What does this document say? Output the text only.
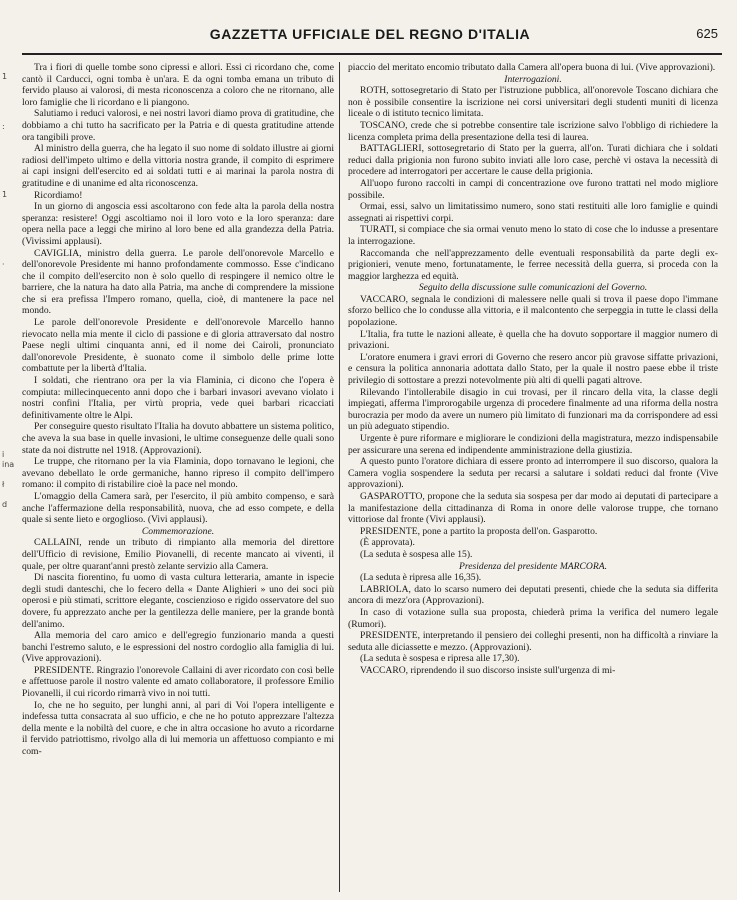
GAZZETTA UFFICIALE DEL REGNO D'ITALIA	625
1
:
1
·
i
ina
ł
d

Tra i fiori di quelle tombe sono cipressi e allori. Essi ci ricordano che, come cantò il Carducci, ogni tomba è un'ara. E da ogni tomba emana un tributo di fervido plauso ai valorosi, di mesta riconoscenza a coloro che ne ritornano, alle loro famiglie che li ricordano e li piangono.

Salutiamo i reduci valorosi, e nei nostri lavori diamo prova di gratitudine, che dobbiamo a chi tutto ha sacrificato per la Patria e di questa gratitudine attende ora tangibili prove.

Al ministro della guerra, che ha legato il suo nome di soldato illustre ai giorni radiosi dell'impeto ultimo e della vittoria nostra grande, il compito di esprimere ai capi insigni dell'esercito ed ai soldati tutti e ai marinai la parola nostra di gratitudine e di unanime ed alta riconoscenza.

Ricordiamo!

In un giorno di angoscia essi ascoltarono con fede alta la parola della nostra speranza: resistere! Oggi ascoltiamo noi il loro voto e la loro speranza: dare opera nella pace a leggi che mirino al loro bene ed alla grandezza della Patria. (Vivissimi applausi).

CAVIGLIA, ministro della guerra. Le parole dell'onorevole Marcello e dell'onorevole Presidente mi hanno profondamente commosso. Esse c'indicano che il compito dell'esercito non è solo quello di respingere il nemico oltre le barriere, che la natura ha dato alla Patria, ma anche di comprendere la missione che si era prefissa l'Impero romano, quella, cioè, di mantenere la pace nel mondo.

Le parole dell'onorevole Presidente e dell'onorevole Marcello hanno rievocato nella mia mente il ciclo di passione e di gloria attraversato dal nostro Paese negli ultimi cinquanta anni, ed il nome dei Cairoli, pronunciato dall'onorevole Presidente, è suonato come il simbolo delle prime lotte combattute per la libertà d'Italia.

I soldati, che rientrano ora per la via Flaminia, ci dicono che l'opera è compiuta: millecinquecento anni dopo che i barbari invasori avevano violato i nostri confini l'Italia, per virtù propria, vede quei barbari ricacciati definitivamente oltre le Alpi.

Per conseguire questo risultato l'Italia ha dovuto abbattere un sistema politico, che aveva la sua base in quelle invasioni, le ultime conseguenze delle quali sono state da noi distrutte nel 1918. (Approvazioni).

Le truppe, che ritornano per la via Flaminia, dopo tornavano le legioni, che avevano debellato le orde germaniche, hanno ripreso il compito dell'impero romano: il compito di ristabilire cioè la pace nel mondo.

L'omaggio della Camera sarà, per l'esercito, il più ambito compenso, e sarà anche l'affermazione della responsabilità, nuova, che ad esso compete, e della quale si sente lieto e orgoglioso. (Vivi applausi).

Commemorazione.

CALLAINI, rende un tributo di rimpianto alla memoria del direttore dell'Ufficio di revisione, Emilio Piovanelli, di recente mancato ai viventi, il quale, per oltre quarant'anni prestò zelante servizio alla Camera.

Di nascita fiorentino, fu uomo di vasta cultura letteraria, amante in ispecie degli studi danteschi, che lo fecero della « Dante Alighieri » uno dei soci più operosi e più stimati, scrittore elegante, coscienzioso e rigido osservatore del suo dovere, fu apprezzato anche per la gentilezza delle maniere, per la grande bontà dell'animo.

Alla memoria del caro amico e dell'egregio funzionario manda a questi banchi l'estremo saluto, e le espressioni del nostro cordoglio alla famiglia di lui. (Vive approvazioni).

PRESIDENTE. Ringrazio l'onorevole Callaini di aver ricordato con così belle e affettuose parole il nostro valente ed amato collaboratore, il professore Emilio Piovanelli, il cui ricordo rimarrà vivo in noi tutti.

Io, che ne ho seguito, per lunghi anni, al pari di Voi l'opera intelligente e indefessa tutta consacrata al suo ufficio, e che ne ho potuto apprezzare l'altezza della mente e la nobiltà del cuore, e che in altra occasione ho avuto a ricordarne il fervido patriottismo, rivolgo alla di lui memoria un affettuoso compianto e mi com-

piaccio del meritato encomio tributato dalla Camera all'opera buona di lui. (Vive approvazioni).

Interrogazioni.

ROTH, sottosegretario di Stato per l'istruzione pubblica, all'onorevole Toscano dichiara che non è possibile consentire la iscrizione nei corsi universitari degli studenti muniti di licenza liceale o di istituto tecnico limitata.

TOSCANO, crede che si potrebbe consentire tale iscrizione salvo l'obbligo di richiedere la licenza completa prima della presentazione della tesi di laurea.

BATTAGLIERI, sottosegretario di Stato per la guerra, all'on. Turati dichiara che i soldati reduci dalla prigionia non furono subito inviati alle loro case, perchè vi ostava la necessità di procedere ad interrogatori per accertare le cause della prigionia.

All'uopo furono raccolti in campi di concentrazione ove furono trattati nel modo migliore possibile.

Ormai, essi, salvo un limitatissimo numero, sono stati restituiti alle loro famiglie e quindi assegnati ai rispettivi corpi.

TURATI, si compiace che sia ormai venuto meno lo stato di cose che lo indusse a presentare la interrogazione.

Raccomanda che nell'apprezzamento delle eventuali responsabilità da parte degli ex-prigionieri, venute meno, fortunatamente, le ferree necessità della guerra, si proceda con la maggior larghezza ed equità.

Seguito della discussione sulle comunicazioni del Governo.

VACCARO, segnala le condizioni di malessere nelle quali si trova il paese dopo l'immane sforzo bellico che lo condusse alla vittoria, e il malcontento che serpeggia in tutte le classi della popolazione.

L'Italia, fra tutte le nazioni alleate, è quella che ha dovuto sopportare il maggior numero di privazioni.

L'oratore enumera i gravi errori di Governo che resero ancor più gravose siffatte privazioni, e censura la politica annonaria adottata dallo Stato, per la quale il nostro paese ebbe il triste privilegio di sottostare a prezzi notevolmente più alti di quelli pagati altrove.

Rilevando l'intollerabile disagio in cui trovasi, per il rincaro della vita, la classe degli impiegati, afferma l'improrogabile urgenza di procedere finalmente ad una riforma della nostra burocrazia per modo da avere un numero più limitato di funzionari ma da corrispondere ad essi un più adeguato stipendio.

Urgente è pure riformare e migliorare le condizioni della magistratura, mezzo indispensabile per assicurare una serena ed indipendente amministrazione della giustizia.

A questo punto l'oratore dichiara di essere pronto ad interrompere il suo discorso, qualora la Camera voglia sospendere la seduta per recarsi a salutare i soldati reduci dal fronte (Vive approvazioni).

GASPAROTTO, propone che la seduta sia sospesa per dar modo ai deputati di partecipare a la manifestazione della cittadinanza di Roma in onore delle valorose truppe, che tornano vittoriose dal fronte (Vivi applausi).

PRESIDENTE, pone a partito la proposta dell'on. Gasparotto.

(È approvata).

(La seduta è sospesa alle 15).

Presidenza del presidente MARCORA.

(La seduta è ripresa alle 16,35).

LABRIOLA, dato lo scarso numero dei deputati presenti, chiede che la seduta sia differita ancora di mezz'ora (Approvazioni).

In caso di votazione sulla sua proposta, chiederà prima la verifica del numero legale (Rumori).

PRESIDENTE, interpretando il pensiero dei colleghi presenti, non ha difficoltà a rinviare la seduta alle diciassette e mezzo. (Approvazioni).

(La seduta è sospesa e ripresa alle 17,30).

VACCARO, riprendendo il suo discorso insiste sull'urgenza di mi-
